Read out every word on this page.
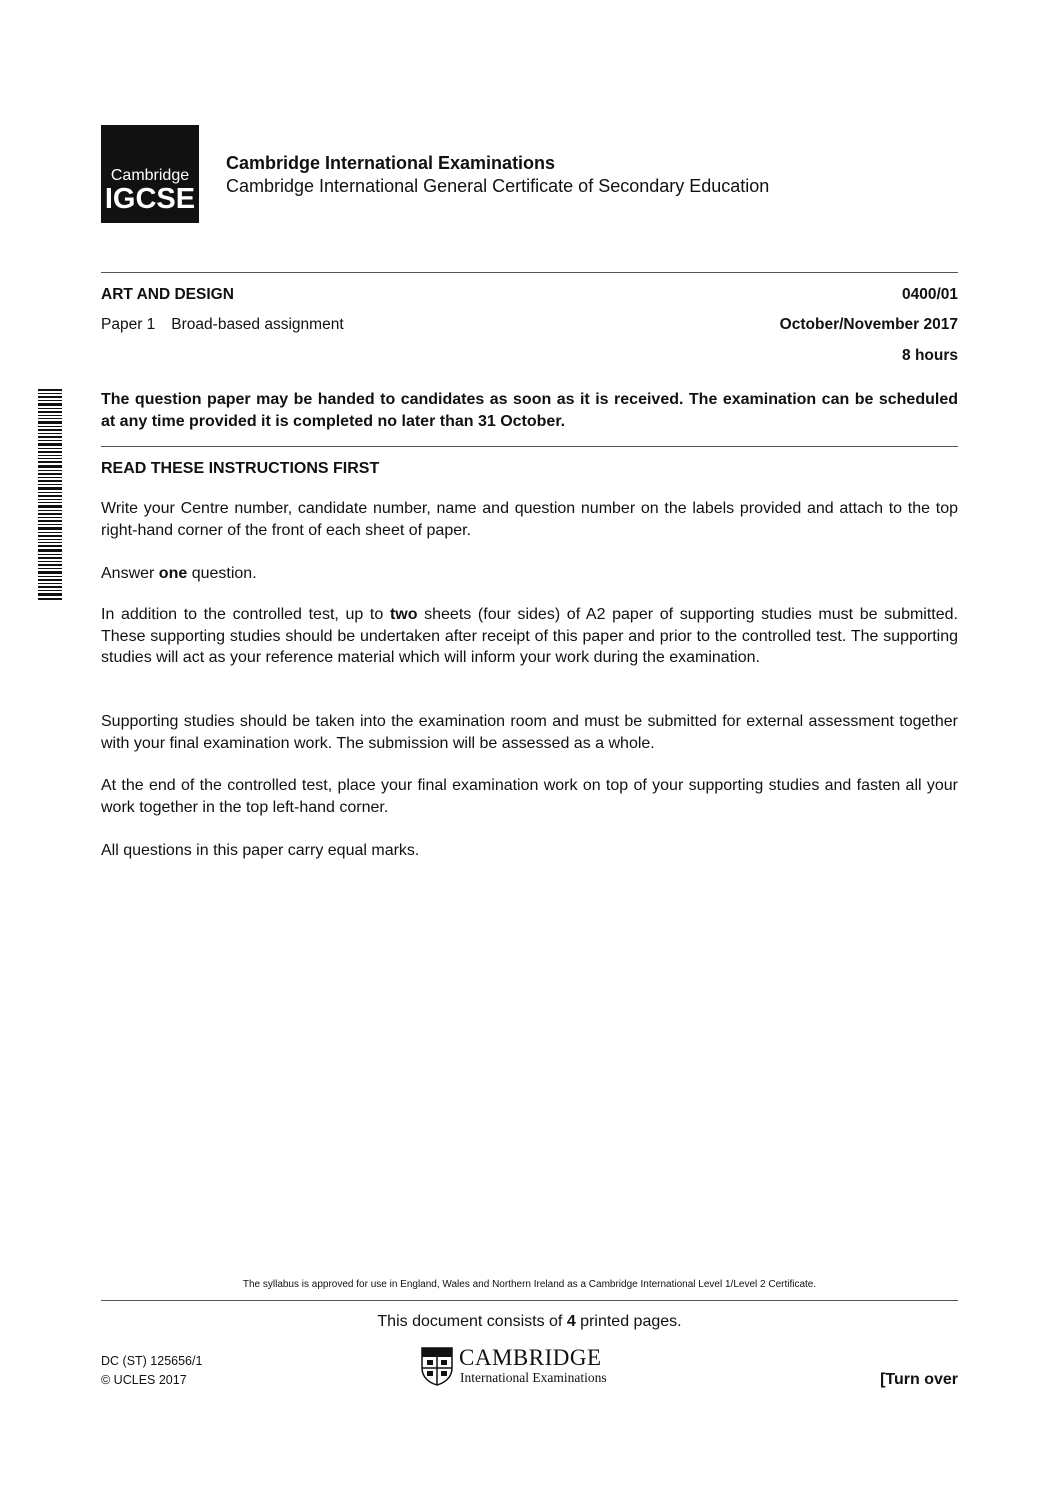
Cambridge
IGCSE
Cambridge International Examinations
Cambridge International General Certificate of Secondary Education
ART AND DESIGN	0400/01
Paper 1 Broad-based assignment	October/November 2017
8 hours
The question paper may be handed to candidates as soon as it is received. The examination can be scheduled at any time provided it is completed no later than 31 October.
READ THESE INSTRUCTIONS FIRST
Write your Centre number, candidate number, name and question number on the labels provided and attach to the top right-hand corner of the front of each sheet of paper.
Answer one question.
In addition to the controlled test, up to two sheets (four sides) of A2 paper of supporting studies must be submitted. These supporting studies should be undertaken after receipt of this paper and prior to the controlled test. The supporting studies will act as your reference material which will inform your work during the examination.
Supporting studies should be taken into the examination room and must be submitted for external assessment together with your final examination work. The submission will be assessed as a whole.
At the end of the controlled test, place your final examination work on top of your supporting studies and fasten all your work together in the top left-hand corner.
All questions in this paper carry equal marks.
The syllabus is approved for use in England, Wales and Northern Ireland as a Cambridge International Level 1/Level 2 Certificate.
This document consists of 4 printed pages.
DC (ST) 125656/1
© UCLES 2017
CAMBRIDGE
International Examinations	[Turn over
